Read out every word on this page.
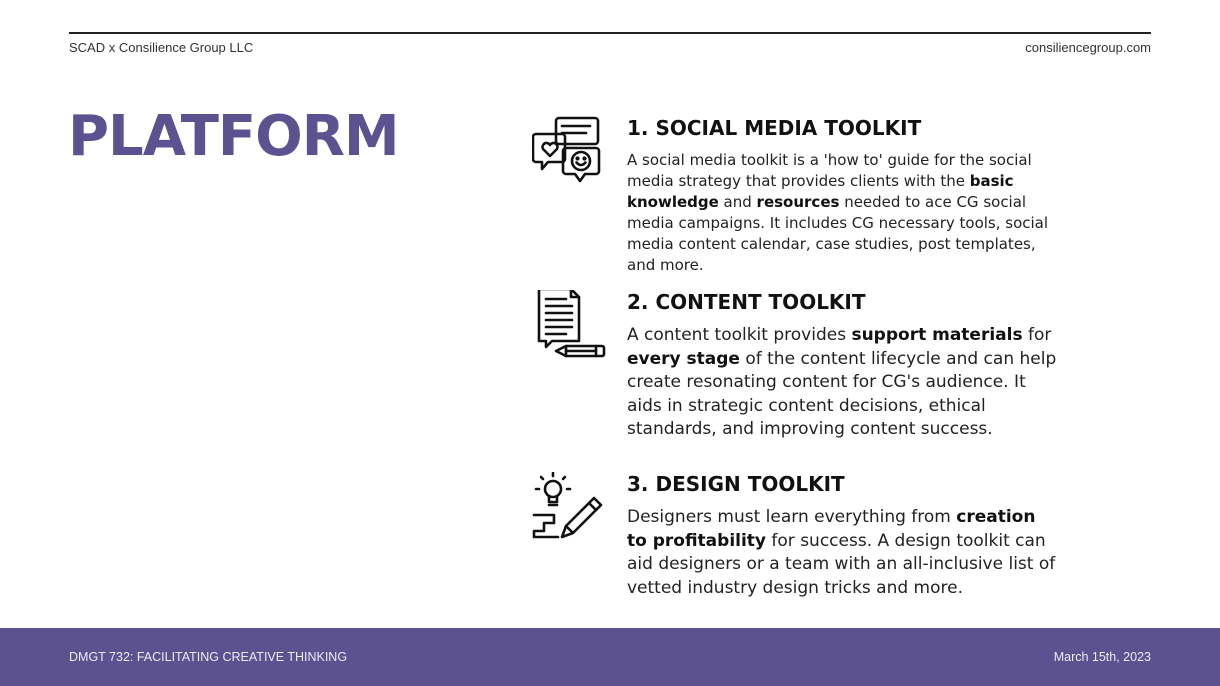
SCAD x Consilience Group LLC	consiliencegroup.com
PLATFORM	1. SOCIAL MEDIA TOOLKIT
A social media toolkit is a 'how to' guide for the social media strategy that provides clients with the basic knowledge and resources needed to ace CG social media campaigns. It includes CG necessary tools, social media content calendar, case studies, post templates, and more.
2. CONTENT TOOLKIT
A content toolkit provides support materials for every stage of the content lifecycle and can help create resonating content for CG's audience. It aids in strategic content decisions, ethical standards, and improving content success.
3. DESIGN TOOLKIT
Designers must learn everything from creation to profitability for success. A design toolkit can aid designers or a team with an all-inclusive list of vetted industry design tricks and more.
DMGT 732: FACILITATING CREATIVE THINKING	March 15th, 2023
